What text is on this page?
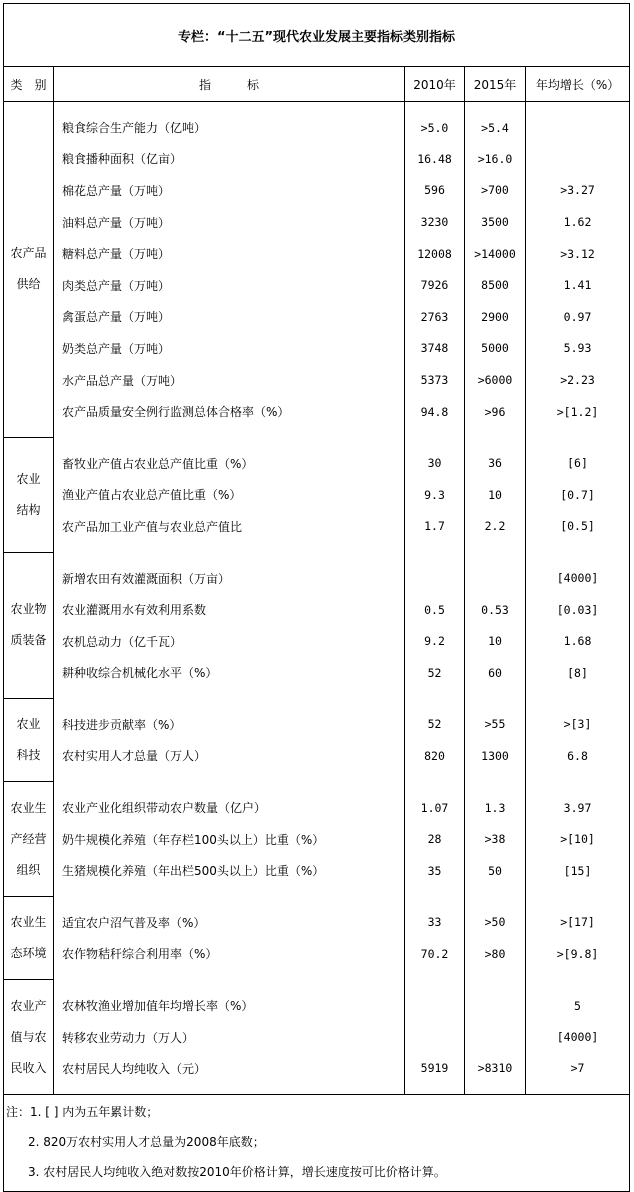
专栏：“十二五”现代农业发展主要指标类别指标				
类　别	指　　　标	2010年	2015年	年均增长（%）

农产品
供给	粮食综合生产能力（亿吨）	>5.0	>5.4	
	粮食播种面积（亿亩）	16.48	>16.0	
	棉花总产量（万吨）	596	>700	>3.27
	油料总产量（万吨）	3230	3500	1.62
	糖料总产量（万吨）	12008	>14000	>3.12
	肉类总产量（万吨）	7926	8500	1.41
	禽蛋总产量（万吨）	2763	2900	0.97
	奶类总产量（万吨）	3748	5000	5.93
	水产品总产量（万吨）	5373	>6000	>2.23
	农产品质量安全例行监测总体合格率（%）	94.8	>96	>[1.2]

农业
结构	畜牧业产值占农业总产值比重（%）	30	36	[6]
	渔业产值占农业总产值比重（%）	9.3	10	[0.7]
	农产品加工业产值与农业总产值比	1.7	2.2	[0.5]

农业物
质装备	新增农田有效灌溉面积（万亩）			[4000]
	农业灌溉用水有效利用系数	0.5	0.53	[0.03]
	农机总动力（亿千瓦）	9.2	10	1.68
	耕种收综合机械化水平（%）	52	60	[8]

农业
科技	科技进步贡献率（%）	52	>55	>[3]
	农村实用人才总量（万人）	820	1300	6.8

农业生
产经营
组织	农业产业化组织带动农户数量（亿户）	1.07	1.3	3.97
	奶牛规模化养殖（年存栏100头以上）比重（%）	28	>38	>[10]
	生猪规模化养殖（年出栏500头以上）比重（%）	35	50	[15]

农业生
态环境	适宜农户沼气普及率（%）	33	>50	>[17]
	农作物秸秆综合利用率（%）	70.2	>80	>[9.8]

农业产
值与农
民收入	农林牧渔业增加值年均增长率（%）			5
	转移农业劳动力（万人）			[4000]
	农村居民人均纯收入（元）	5919	>8310	>7

注：1. [ ] 内为五年累计数；
2. 820万农村实用人才总量为2008年底数；
3. 农村居民人均纯收入绝对数按2010年价格计算，增长速度按可比价格计算。				
